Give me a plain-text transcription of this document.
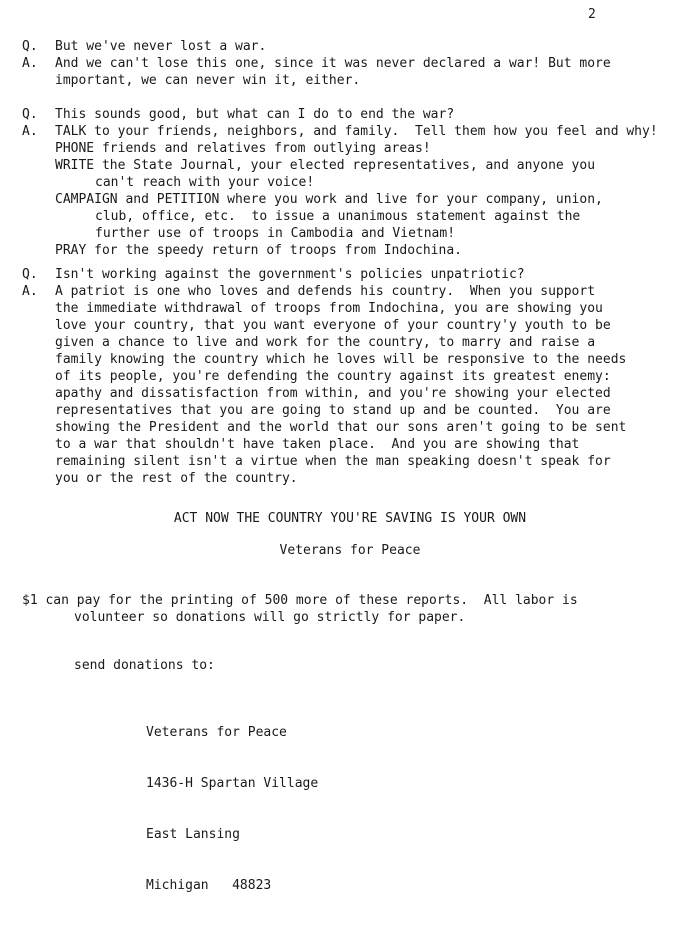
2
Q.	But we've never lost a war.
A.	And we can't lose this one, since it was never declared a war! But more
important, we can never win it, either.
Q.	This sounds good, but what can I do to end the war?
A.	TALK to your friends, neighbors, and family.  Tell them how you feel and why!
PHONE friends and relatives from outlying areas!
WRITE the State Journal, your elected representatives, and anyone you
can't reach with your voice!
CAMPAIGN and PETITION where you work and live for your company, union,
club, office, etc.  to issue a unanimous statement against the
further use of troops in Cambodia and Vietnam!
PRAY for the speedy return of troops from Indochina.
Q.	Isn't working against the government's policies unpatriotic?
A.	A patriot is one who loves and defends his country.  When you support
the immediate withdrawal of troops from Indochina, you are showing you
love your country, that you want everyone of your country'y youth to be
given a chance to live and work for the country, to marry and raise a
family knowing the country which he loves will be responsive to the needs
of its people, you're defending the country against its greatest enemy:
apathy and dissatisfaction from within, and you're showing your elected
representatives that you are going to stand up and be counted.  You are
showing the President and the world that our sons aren't going to be sent
to a war that shouldn't have taken place.  And you are showing that
remaining silent isn't a virtue when the man speaking doesn't speak for
you or the rest of the country.
ACT NOW THE COUNTRY YOU'RE SAVING IS YOUR OWN
Veterans for Peace
$1 can pay for the printing of 500 more of these reports.  All labor is
volunteer so donations will go strictly for paper.
send donations to:

Veterans for Peace

1436-H Spartan Village

East Lansing

Michigan   48823
